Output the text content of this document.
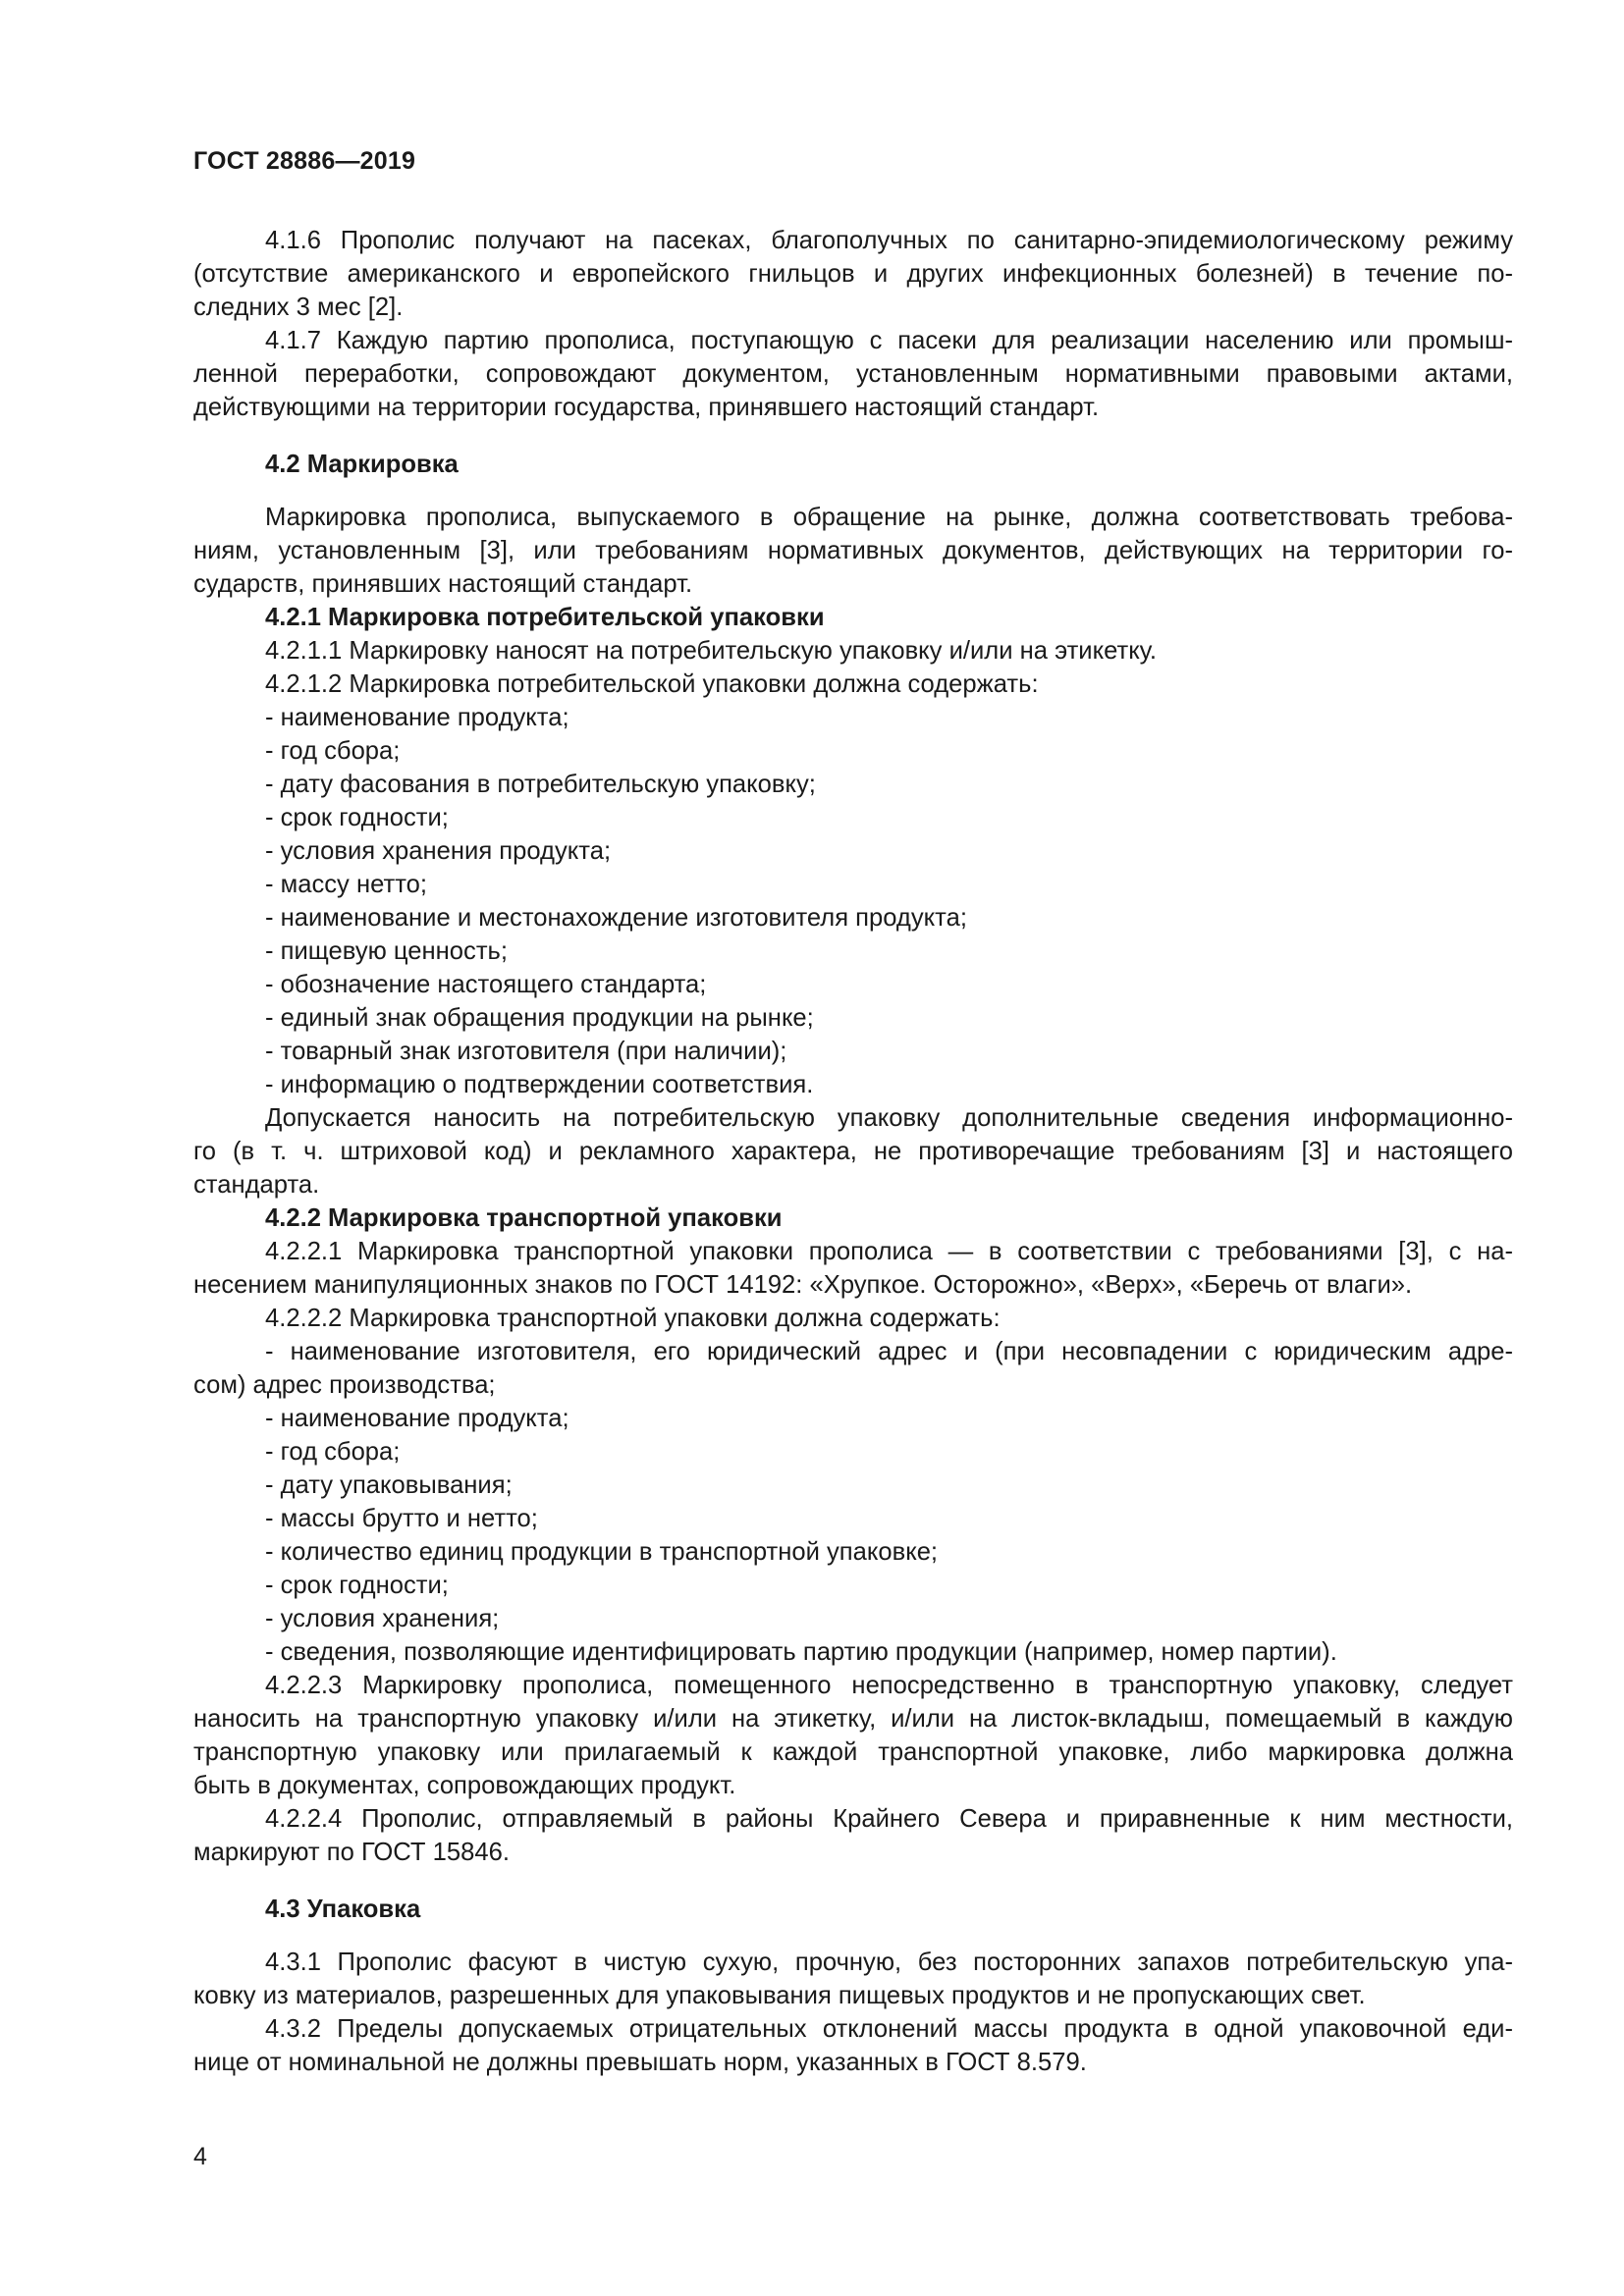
ГОСТ 28886—2019

4.1.6 Прополис получают на пасеках, благополучных по санитарно-эпидемиологическому режиму

(отсутствие американского и европейского гнильцов и других инфекционных болезней) в течение по-

следних 3 мес [2].

4.1.7 Каждую партию прополиса, поступающую с пасеки для реализации населению или промыш-

ленной переработки, сопровождают документом, установленным нормативными правовыми актами,

действующими на территории государства, принявшего настоящий стандарт.

4.2 Маркировка

Маркировка прополиса, выпускаемого в обращение на рынке, должна соответствовать требова-

ниям, установленным [3], или требованиям нормативных документов, действующих на территории го-

сударств, принявших настоящий стандарт.

4.2.1 Маркировка потребительской упаковки

4.2.1.1 Маркировку наносят на потребительскую упаковку и/или на этикетку.

4.2.1.2 Маркировка потребительской упаковки должна содержать:

- наименование продукта;

- год сбора;

- дату фасования в потребительскую упаковку;

- срок годности;

- условия хранения продукта;

- массу нетто;

- наименование и местонахождение изготовителя продукта;

- пищевую ценность;

- обозначение настоящего стандарта;

- единый знак обращения продукции на рынке;

- товарный знак изготовителя (при наличии);

- информацию о подтверждении соответствия.

Допускается наносить на потребительскую упаковку дополнительные сведения информационно-

го (в т. ч. штриховой код) и рекламного характера, не противоречащие требованиям [3] и настоящего

стандарта.

4.2.2 Маркировка транспортной упаковки

4.2.2.1 Маркировка транспортной упаковки прополиса — в соответствии с требованиями [3], с на-

несением манипуляционных знаков по ГОСТ 14192: «Хрупкое. Осторожно», «Верх», «Беречь от влаги».

4.2.2.2 Маркировка транспортной упаковки должна содержать:

- наименование изготовителя, его юридический адрес и (при несовпадении с юридическим адре-

сом) адрес производства;

- наименование продукта;

- год сбора;

- дату упаковывания;

- массы брутто и нетто;

- количество единиц продукции в транспортной упаковке;

- срок годности;

- условия хранения;

- сведения, позволяющие идентифицировать партию продукции (например, номер партии).

4.2.2.3 Маркировку прополиса, помещенного непосредственно в транспортную упаковку, следует

наносить на транспортную упаковку и/или на этикетку, и/или на листок-вкладыш, помещаемый в каждую

транспортную упаковку или прилагаемый к каждой транспортной упаковке, либо маркировка должна

быть в документах, сопровождающих продукт.

4.2.2.4 Прополис, отправляемый в районы Крайнего Севера и приравненные к ним местности,

маркируют по ГОСТ 15846.

4.3 Упаковка

4.3.1 Прополис фасуют в чистую сухую, прочную, без посторонних запахов потребительскую упа-

ковку из материалов, разрешенных для упаковывания пищевых продуктов и не пропускающих свет.

4.3.2 Пределы допускаемых отрицательных отклонений массы продукта в одной упаковочной еди-

нице от номинальной не должны превышать норм, указанных в ГОСТ 8.579.

4
